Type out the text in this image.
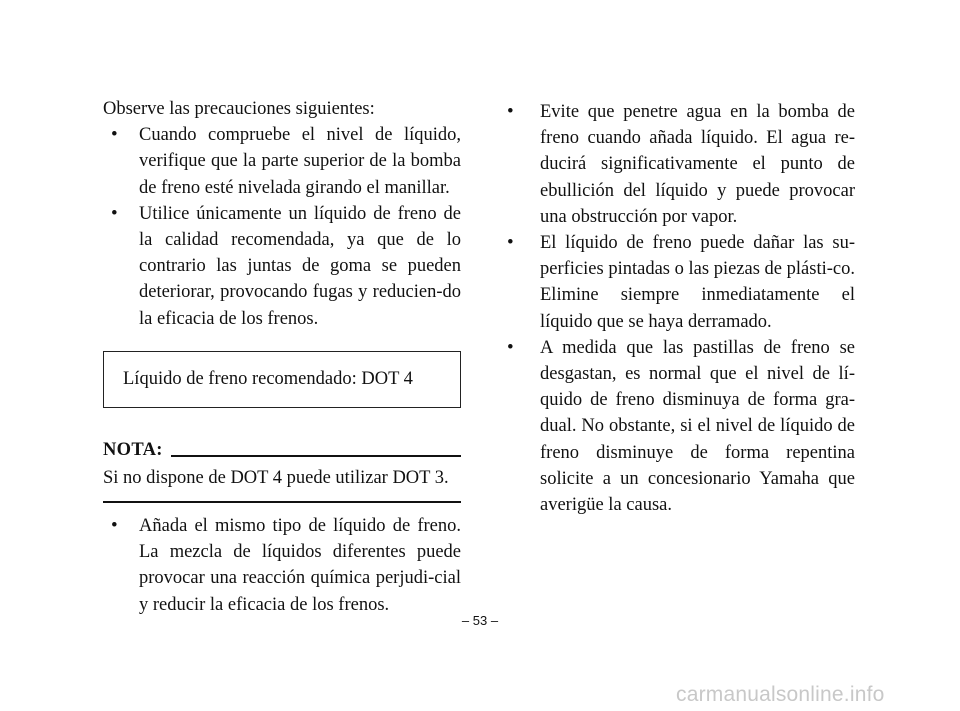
Observe las precauciones siguientes:

• Cuando compruebe el nivel de líquido, verifique que la parte superior de la bomba de freno esté nivelada girando el manillar.

• Utilice únicamente un líquido de freno de la calidad recomendada, ya que de lo contrario las juntas de goma se pueden deteriorar, provocando fugas y reducien-do la eficacia de los frenos.

Líquido de freno recomendado: DOT 4
NOTA:

Si no dispone de DOT 4 puede utilizar DOT 3.

• Añada el mismo tipo de líquido de freno. La mezcla de líquidos diferentes puede provocar una reacción química perjudi-cial y reducir la eficacia de los frenos.

• Evite que penetre agua en la bomba de freno cuando añada líquido. El agua re-ducirá significativamente el punto de ebullición del líquido y puede provocar una obstrucción por vapor.

• El líquido de freno puede dañar las su-perficies pintadas o las piezas de plásti-co. Elimine siempre inmediatamente el líquido que se haya derramado.

• A medida que las pastillas de freno se desgastan, es normal que el nivel de lí-quido de freno disminuya de forma gra-dual. No obstante, si el nivel de líquido de freno disminuye de forma repentina solicite a un concesionario Yamaha que averigüe la causa.

– 53 –
carmanualsonline.info
